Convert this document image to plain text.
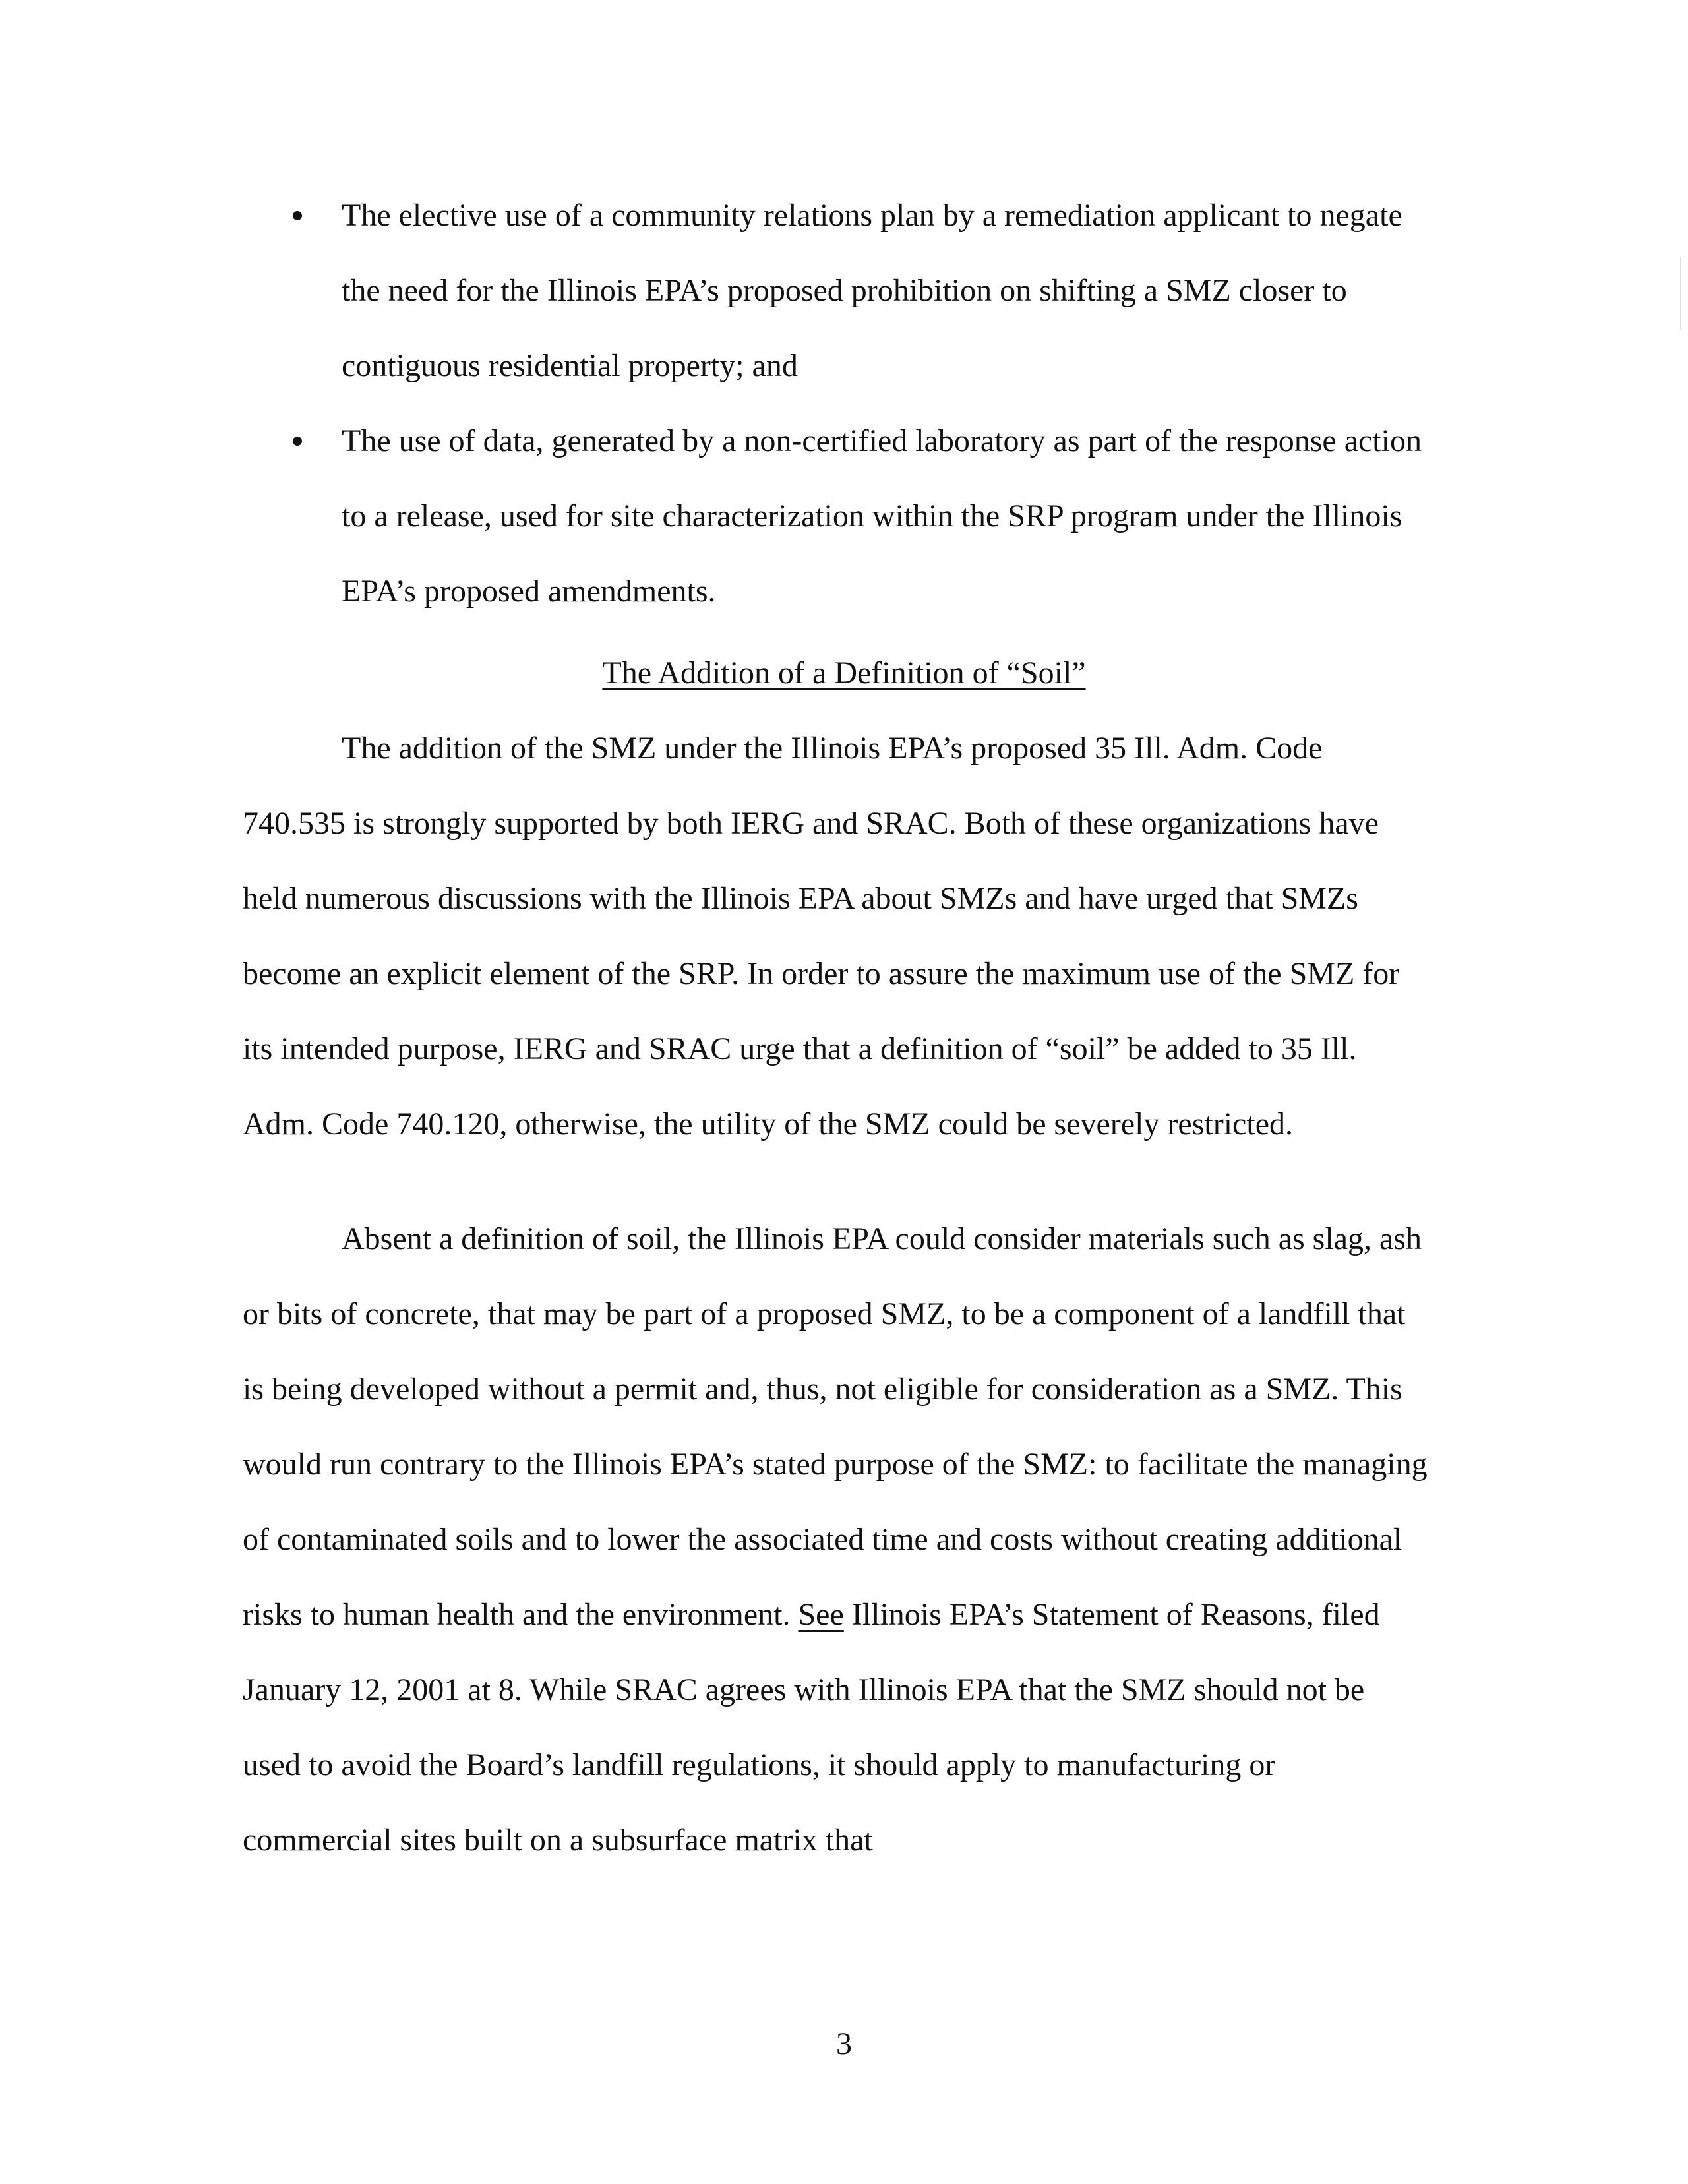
The elective use of a community relations plan by a remediation applicant to negate the need for the Illinois EPA’s proposed prohibition on shifting a SMZ closer to contiguous residential property; and
The use of data, generated by a non-certified laboratory as part of the response action to a release, used for site characterization within the SRP program under the Illinois EPA’s proposed amendments.
The Addition of a Definition of “Soil”

The addition of the SMZ under the Illinois EPA’s proposed 35 Ill. Adm. Code 740.535 is strongly supported by both IERG and SRAC. Both of these organizations have held numerous discussions with the Illinois EPA about SMZs and have urged that SMZs become an explicit element of the SRP. In order to assure the maximum use of the SMZ for its intended purpose, IERG and SRAC urge that a definition of “soil” be added to 35 Ill. Adm. Code 740.120, otherwise, the utility of the SMZ could be severely restricted.

Absent a definition of soil, the Illinois EPA could consider materials such as slag, ash or bits of concrete, that may be part of a proposed SMZ, to be a component of a landfill that is being developed without a permit and, thus, not eligible for consideration as a SMZ. This would run contrary to the Illinois EPA’s stated purpose of the SMZ: to facilitate the managing of contaminated soils and to lower the associated time and costs without creating additional risks to human health and the environment. See Illinois EPA’s Statement of Reasons, filed January 12, 2001 at 8. While SRAC agrees with Illinois EPA that the SMZ should not be used to avoid the Board’s landfill regulations, it should apply to manufacturing or commercial sites built on a subsurface matrix that

3
